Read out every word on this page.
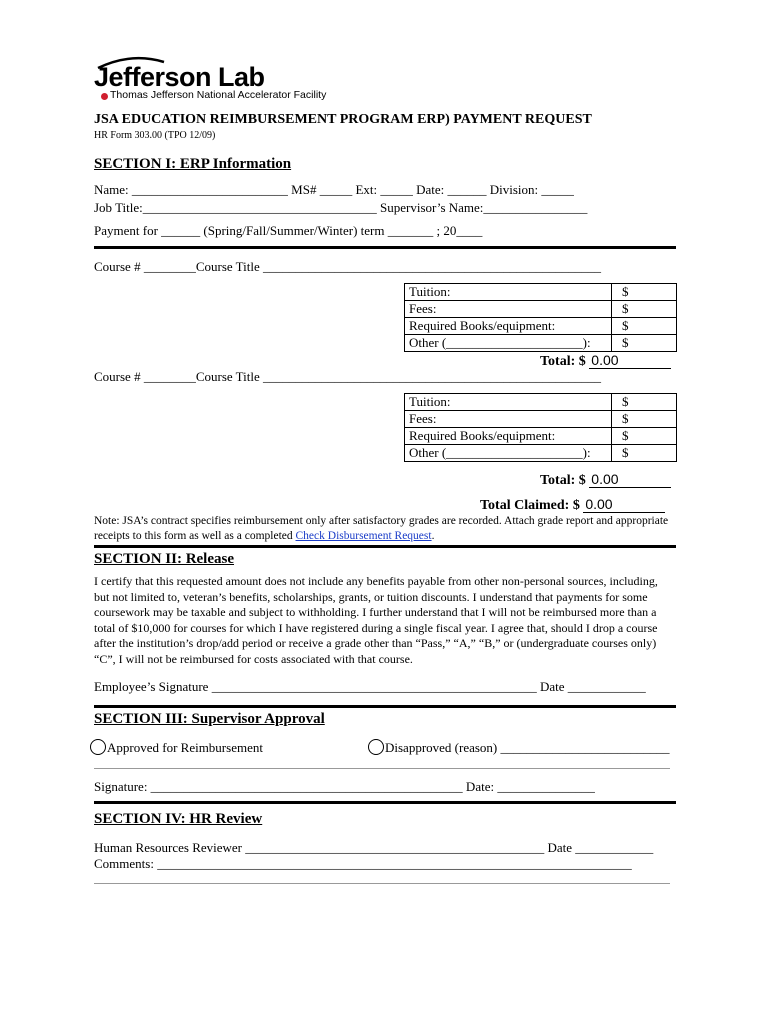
Jefferson Lab
Thomas Jefferson National Accelerator Facility
JSA EDUCATION REIMBURSEMENT PROGRAM ERP) PAYMENT REQUEST
HR Form 303.00 (TPO 12/09)
SECTION I: ERP Information
Name: ________________________ MS# _____ Ext: _____ Date: ______ Division: _____
Job Title:____________________________________ Supervisor’s Name:________________
Payment for ______ (Spring/Fall/Summer/Winter) term _______ ; 20____
Course # ________Course Title ____________________________________________________
Tuition:	$
Fees:	$
Required Books/equipment:	$
Other (_____________________):	$
Total: $ 0.00
Course # ________Course Title ____________________________________________________
Tuition:	$
Fees:	$
Required Books/equipment:	$
Other (_____________________):	$
Total: $ 0.00
Total Claimed: $ 0.00
Note: JSA’s contract specifies reimbursement only after satisfactory grades are recorded. Attach grade report and appropriate receipts to this form as well as a completed Check Disbursement Request.
SECTION II: Release
I certify that this requested amount does not include any benefits payable from other non-personal sources, including, but not limited to, veteran’s benefits, scholarships, grants, or tuition discounts. I understand that payments for some coursework may be taxable and subject to withholding. I further understand that I will not be reimbursed more than a total of $10,000 for courses for which I have registered during a single fiscal year. I agree that, should I drop a course after the institution’s drop/add period or receive a grade other than “Pass,” “A,” “B,” or (undergraduate courses only) “C”, I will not be reimbursed for costs associated with that course.
Employee’s Signature __________________________________________________ Date ____________
SECTION III: Supervisor Approval
Approved for Reimbursement	Disapproved (reason) __________________________
Signature: ________________________________________________ Date: _______________
SECTION IV: HR Review
Human Resources Reviewer ______________________________________________ Date ____________
Comments: _________________________________________________________________________
